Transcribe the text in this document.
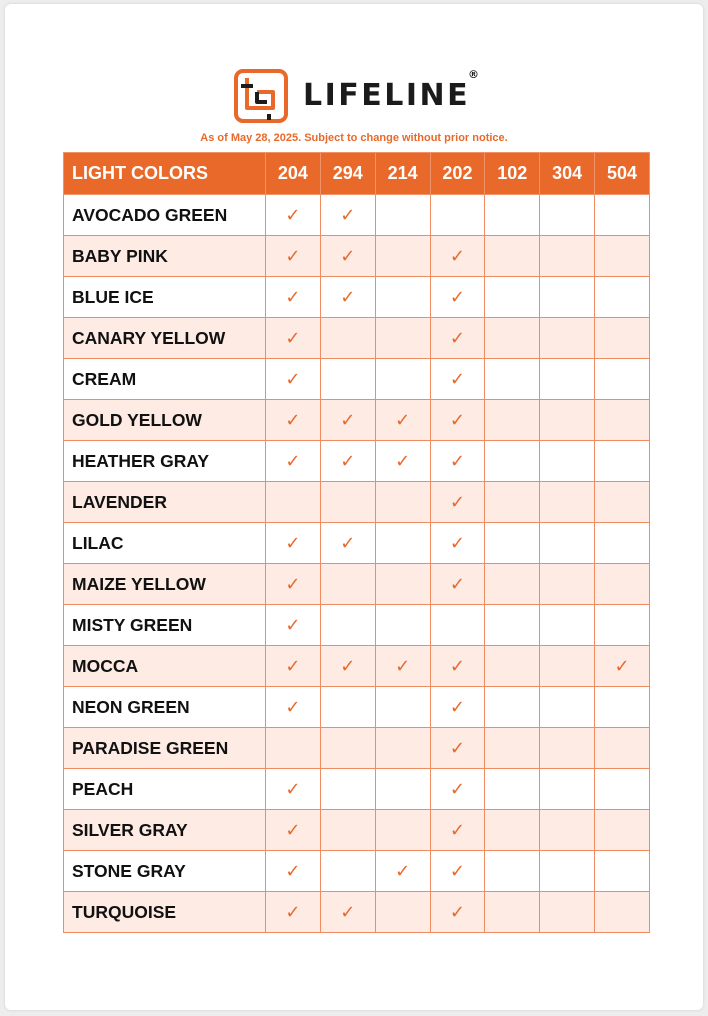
LIFELINE
®
As of May 28, 2025. Subject to change without prior notice.
LIGHT COLORS	204	294	214	202	102	304	504
AVOCADO GREEN	✓	✓					
BABY PINK	✓	✓		✓			
BLUE ICE	✓	✓		✓			
CANARY YELLOW	✓			✓			
CREAM	✓			✓			
GOLD YELLOW	✓	✓	✓	✓			
HEATHER GRAY	✓	✓	✓	✓			
LAVENDER				✓			
LILAC	✓	✓		✓			
MAIZE YELLOW	✓			✓			
MISTY GREEN	✓						
MOCCA	✓	✓	✓	✓			✓
NEON GREEN	✓			✓			
PARADISE GREEN				✓			
PEACH	✓			✓			
SILVER GRAY	✓			✓			
STONE GRAY	✓		✓	✓			
TURQUOISE	✓	✓		✓			
